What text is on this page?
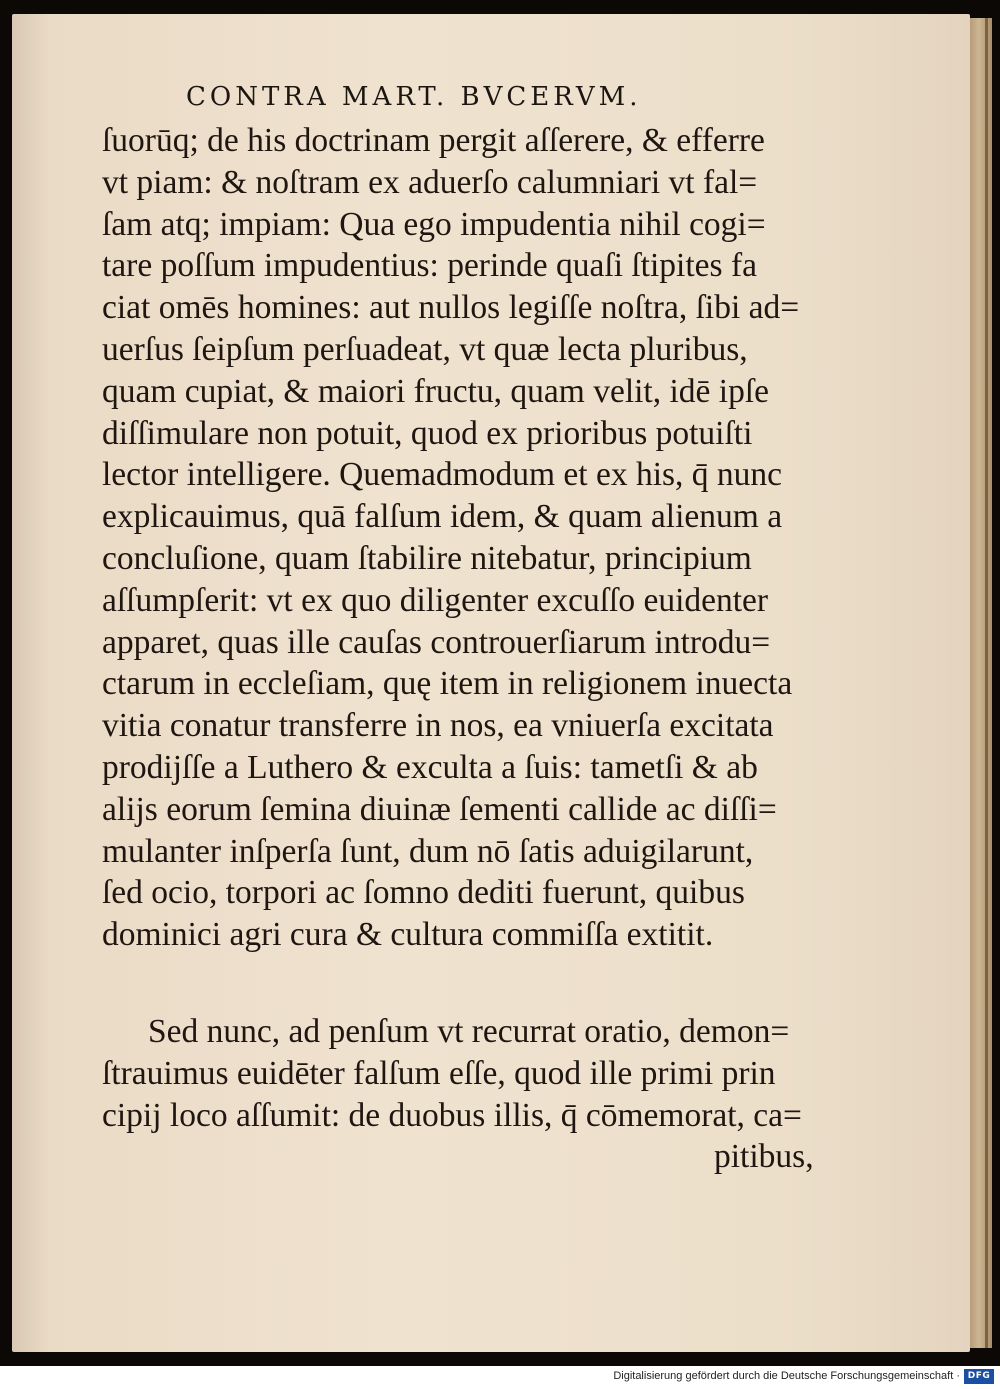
CONTRA MART. BVCERVM.
ſuorūq; de his doctrinam pergit aſſerere, & efferre
vt piam: & noſtram ex aduerſo calumniari vt fal=
ſam atq; impiam: Qua ego impudentia nihil cogi=
tare poſſum impudentius: perinde quaſi ſtipites fa
ciat omēs homines: aut nullos legiſſe noſtra, ſibi ad=
uerſus ſeipſum perſuadeat, vt quæ lecta pluribus,
quam cupiat, & maiori fructu, quam velit, idē ipſe
diſſimulare non potuit, quod ex prioribus potuiſti
lector intelligere. Quemadmodum et ex his, q̄ nunc
explicauimus, quā falſum idem, & quam alienum a
concluſione, quam ſtabilire nitebatur, principium
aſſumpſerit: vt ex quo diligenter excuſſo euidenter
apparet, quas ille cauſas controuerſiarum introdu=
ctarum in eccleſiam, quę item in religionem inuecta
vitia conatur transferre in nos, ea vniuerſa excitata
prodiјſſe a Luthero & exculta a ſuis: tametſi & ab
aliјs eorum ſemina diuinæ ſementi callide ac diſſi=
mulanter inſperſa ſunt, dum nō ſatis aduigilarunt,
ſed ocio, torpori ac ſomno dediti fuerunt, quibus
dominici agri cura & cultura commiſſa extitit.
Sed nunc, ad penſum vt recurrat oratio, demon=
ſtrauimus euidēter falſum eſſe, quod ille primi prin
cipiј loco aſſumit: de duobus illis, q̄ cōmemorat, ca=
pitibus,
Digitalisierung gefördert durch die Deutsche Forschungsgemeinschaft · DFG
